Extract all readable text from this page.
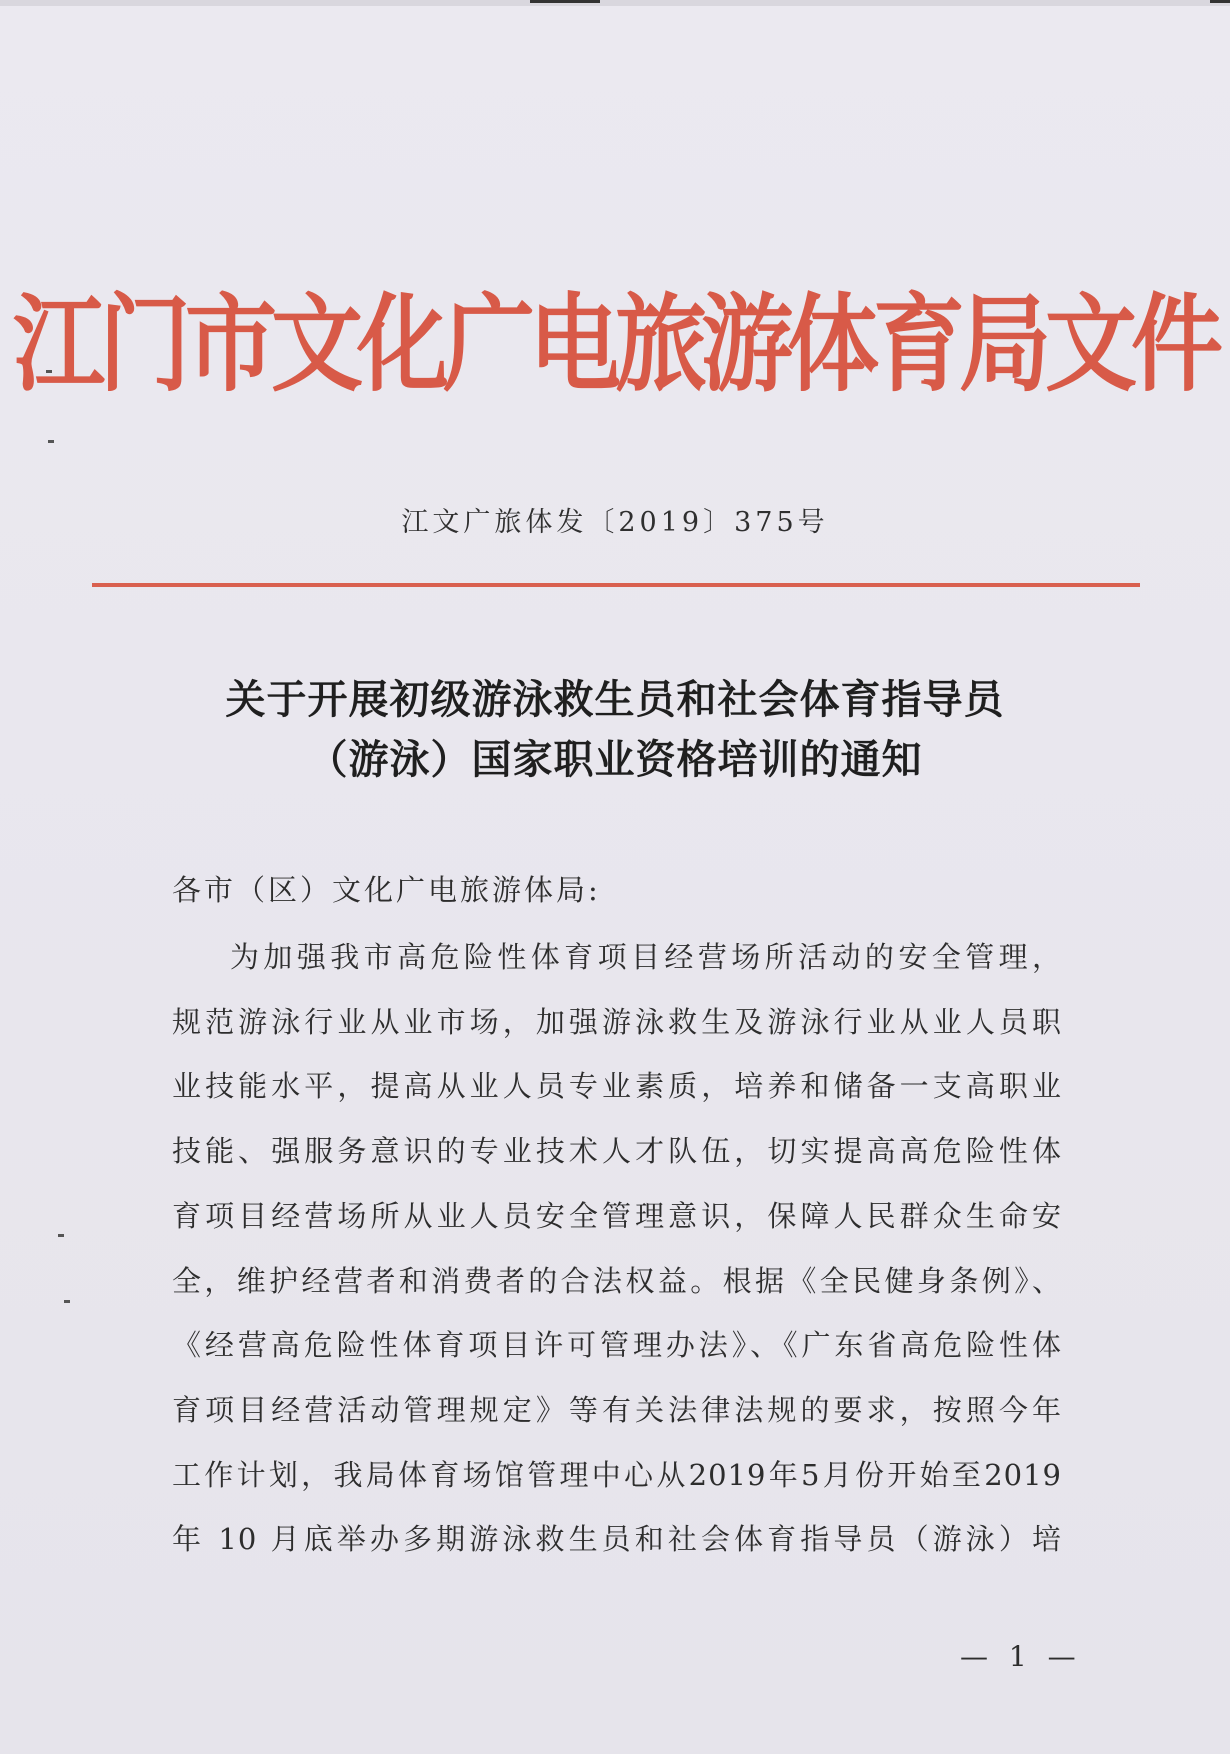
江门市文化广电旅游体育局文件
江文广旅体发〔2019〕375号
关于开展初级游泳救生员和社会体育指导员
（游泳）国家职业资格培训的通知
各市（区）文化广电旅游体局:
为加强我市高危险性体育项目经营场所活动的安全管理，
规范游泳行业从业市场，加强游泳救生及游泳行业从业人员职
业技能水平，提高从业人员专业素质，培养和储备一支高职业
技能、强服务意识的专业技术人才队伍，切实提高高危险性体
育项目经营场所从业人员安全管理意识，保障人民群众生命安
全，维护经营者和消费者的合法权益。根据《全民健身条例》、
《经营高危险性体育项目许可管理办法》、《广东省高危险性体
育项目经营活动管理规定》等有关法律法规的要求，按照今年
工作计划，我局体育场馆管理中心从2019年5月份开始至2019
年 10 月底举办多期游泳救生员和社会体育指导员（游泳）培
— 1 —
